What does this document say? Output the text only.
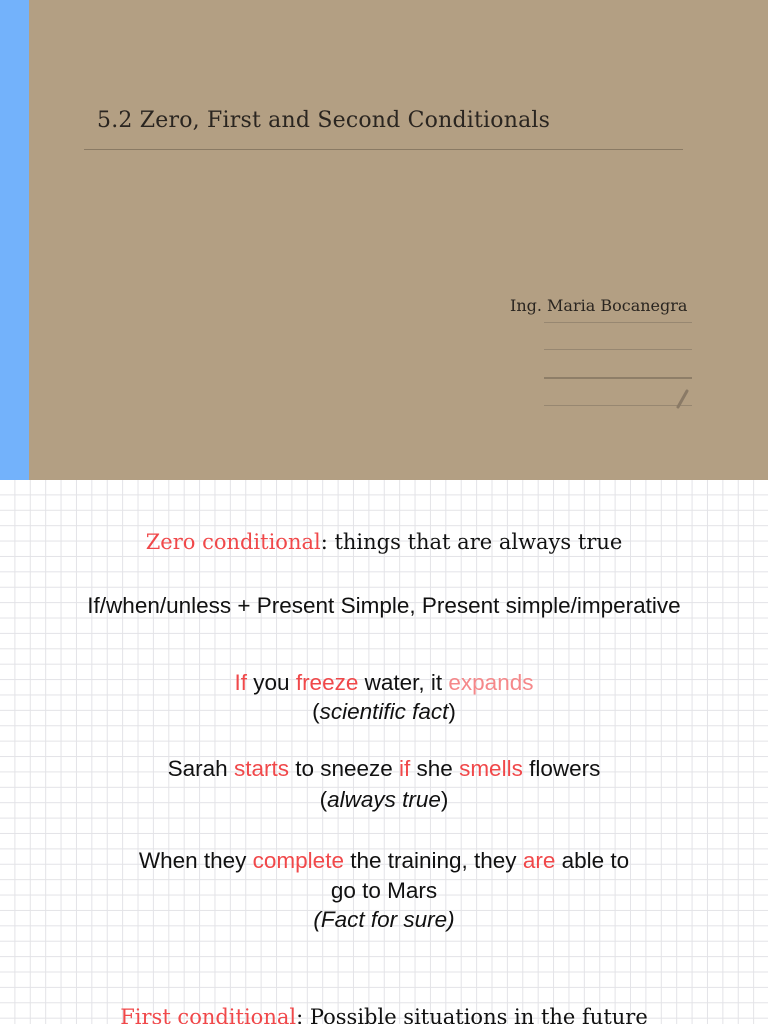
5.2 Zero, First and Second Conditionals
Ing. Maria Bocanegra
Zero conditional: things that are always true
If/when/unless + Present Simple, Present simple/imperative
If you freeze water, it expands
(scientific fact)
Sarah starts to sneeze if she smells flowers
(always true)
When they complete the training, they are able to
go to Mars
(Fact for sure)
First conditional: Possible situations in the future
